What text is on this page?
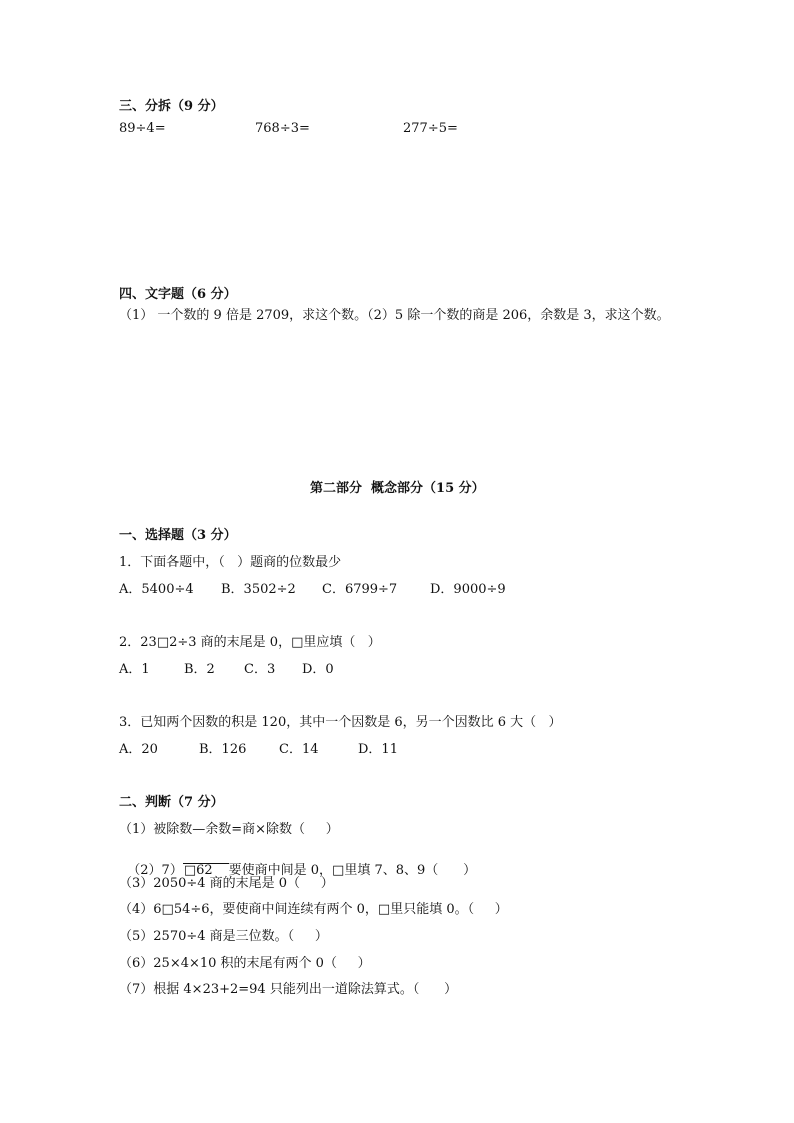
三、分拆（9 分）
89÷4=	768÷3=	277÷5=
四、文字题（6 分）
（1） 一个数的 9 倍是 2709，求这个数。（2）5 除一个数的商是 206，余数是 3，求这个数。
第二部分  概念部分（15 分）
一、选择题（3 分）
1．下面各题中，（   ）题商的位数最少
A．5400÷4 B．3502÷2 C．6799÷7	D．9000÷9
2．23□2÷3 商的末尾是 0，□里应填（   ）
A．1	B．2 C．3 D．0
3．已知两个因数的积是 120，其中一个因数是 6，另一个因数比 6 大（   ）
A．20	B．126	C．14	D．11
二、判断（7 分）
（1）被除数—余数=商×除数（     ）

（2）7）□62 要使商中间是 0，□里填 7、8、9（      ）

（3）2050÷4 商的末尾是 0（     ）
（4）6□54÷6，要使商中间连续有两个 0，□里只能填 0。（     ）
（5）2570÷4 商是三位数。（     ）
（6）25×4×10 积的末尾有两个 0（     ）
（7）根据 4×23+2=94 只能列出一道除法算式。（      ）
